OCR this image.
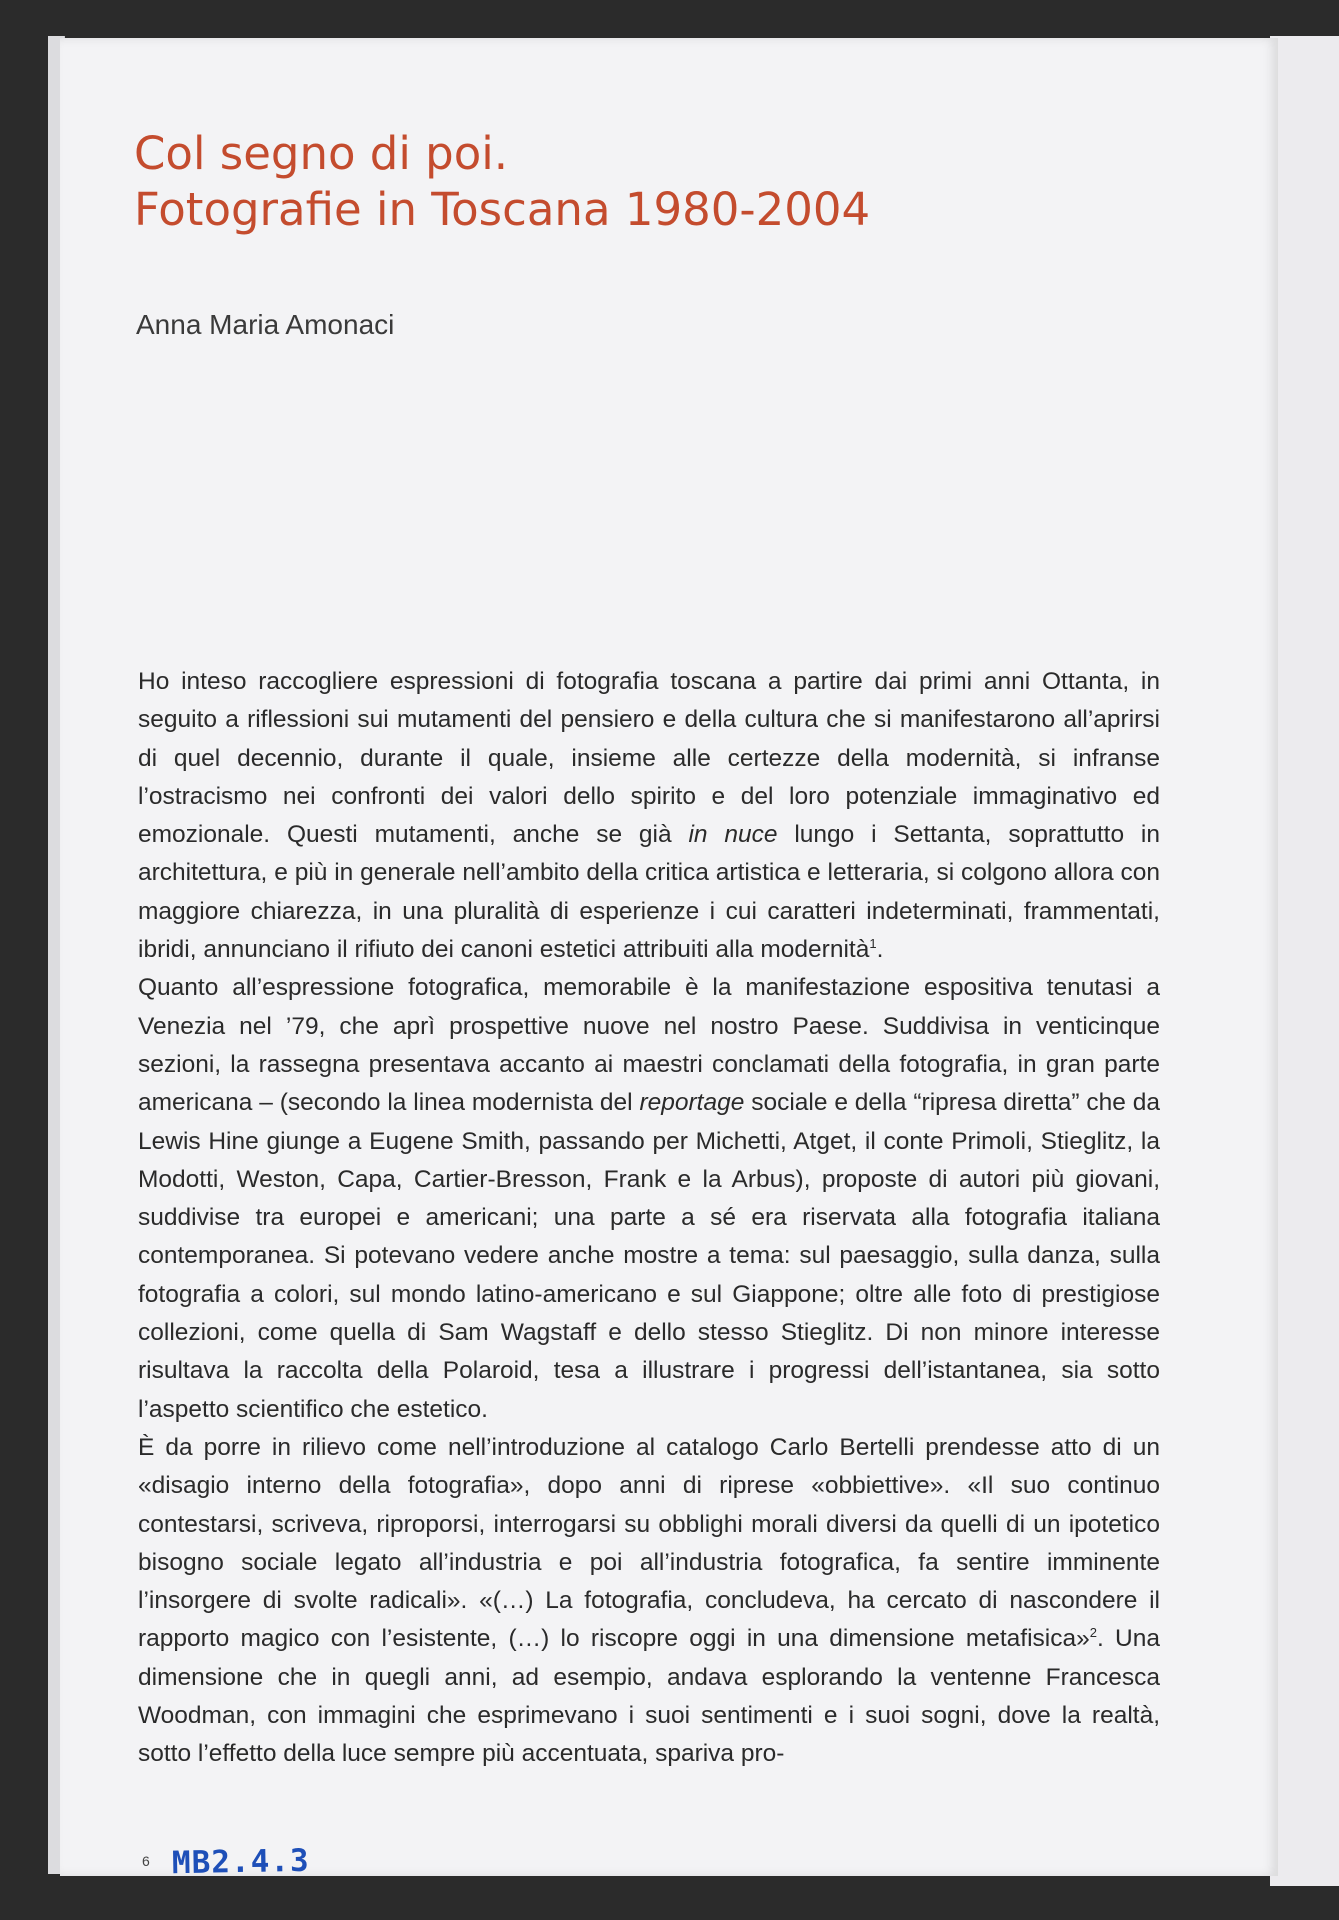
Col segno di poi.
Fotografie in Toscana 1980-2004
Anna Maria Amonaci

Ho inteso raccogliere espressioni di fotografia toscana a partire dai primi anni Ottanta, in seguito a riflessioni sui mutamenti del pensiero e della cultura che si manifestarono all’aprirsi di quel decennio, durante il quale, insieme alle certezze della modernità, si infranse l’ostracismo nei confronti dei valori dello spirito e del loro potenziale immaginativo ed emozionale. Questi mutamenti, anche se già in nuce lungo i Settanta, soprattutto in architettura, e più in generale nell’ambito della critica artistica e letteraria, si colgono allora con maggiore chiarezza, in una pluralità di esperienze i cui caratteri indeterminati, frammentati, ibridi, annunciano il rifiuto dei canoni estetici attribuiti alla modernità$^1$.

Quanto all’espressione fotografica, memorabile è la manifestazione espositiva tenutasi a Venezia nel ’79, che aprì prospettive nuove nel nostro Paese. Suddivisa in venticinque sezioni, la rassegna presentava accanto ai maestri conclamati della fotografia, in gran parte americana – (secondo la linea modernista del reportage sociale e della “ripresa diretta” che da Lewis Hine giunge a Eugene Smith, passando per Michetti, Atget, il conte Primoli, Stieglitz, la Modotti, Weston, Capa, Cartier-Bresson, Frank e la Arbus), proposte di autori più giovani, suddivise tra europei e americani; una parte a sé era riservata alla fotografia italiana contemporanea. Si potevano vedere anche mostre a tema: sul paesaggio, sulla danza, sulla fotografia a colori, sul mondo latino-americano e sul Giappone; oltre alle foto di prestigiose collezioni, come quella di Sam Wagstaff e dello stesso Stieglitz. Di non minore interesse risultava la raccolta della Polaroid, tesa a illustrare i progressi dell’istantanea, sia sotto l’aspetto scientifico che estetico.

È da porre in rilievo come nell’introduzione al catalogo Carlo Bertelli prendesse atto di un «disagio interno della fotografia», dopo anni di riprese «obbiettive». «Il suo continuo contestarsi, scriveva, riproporsi, interrogarsi su obblighi morali diversi da quelli di un ipotetico bisogno sociale legato all’industria e poi all’industria fotografica, fa sentire imminente l’insorgere di svolte radicali». «(…) La fotografia, concludeva, ha cercato di nascondere il rapporto magico con l’esistente, (…) lo riscopre oggi in una dimensione metafisica»$^2$. Una dimensione che in quegli anni, ad esempio, andava esplorando la ventenne Francesca Woodman, con immagini che esprimevano i suoi sentimenti e i suoi sogni, dove la realtà, sotto l’effetto della luce sempre più accentuata, spariva pro-

6 MB2.4.3
